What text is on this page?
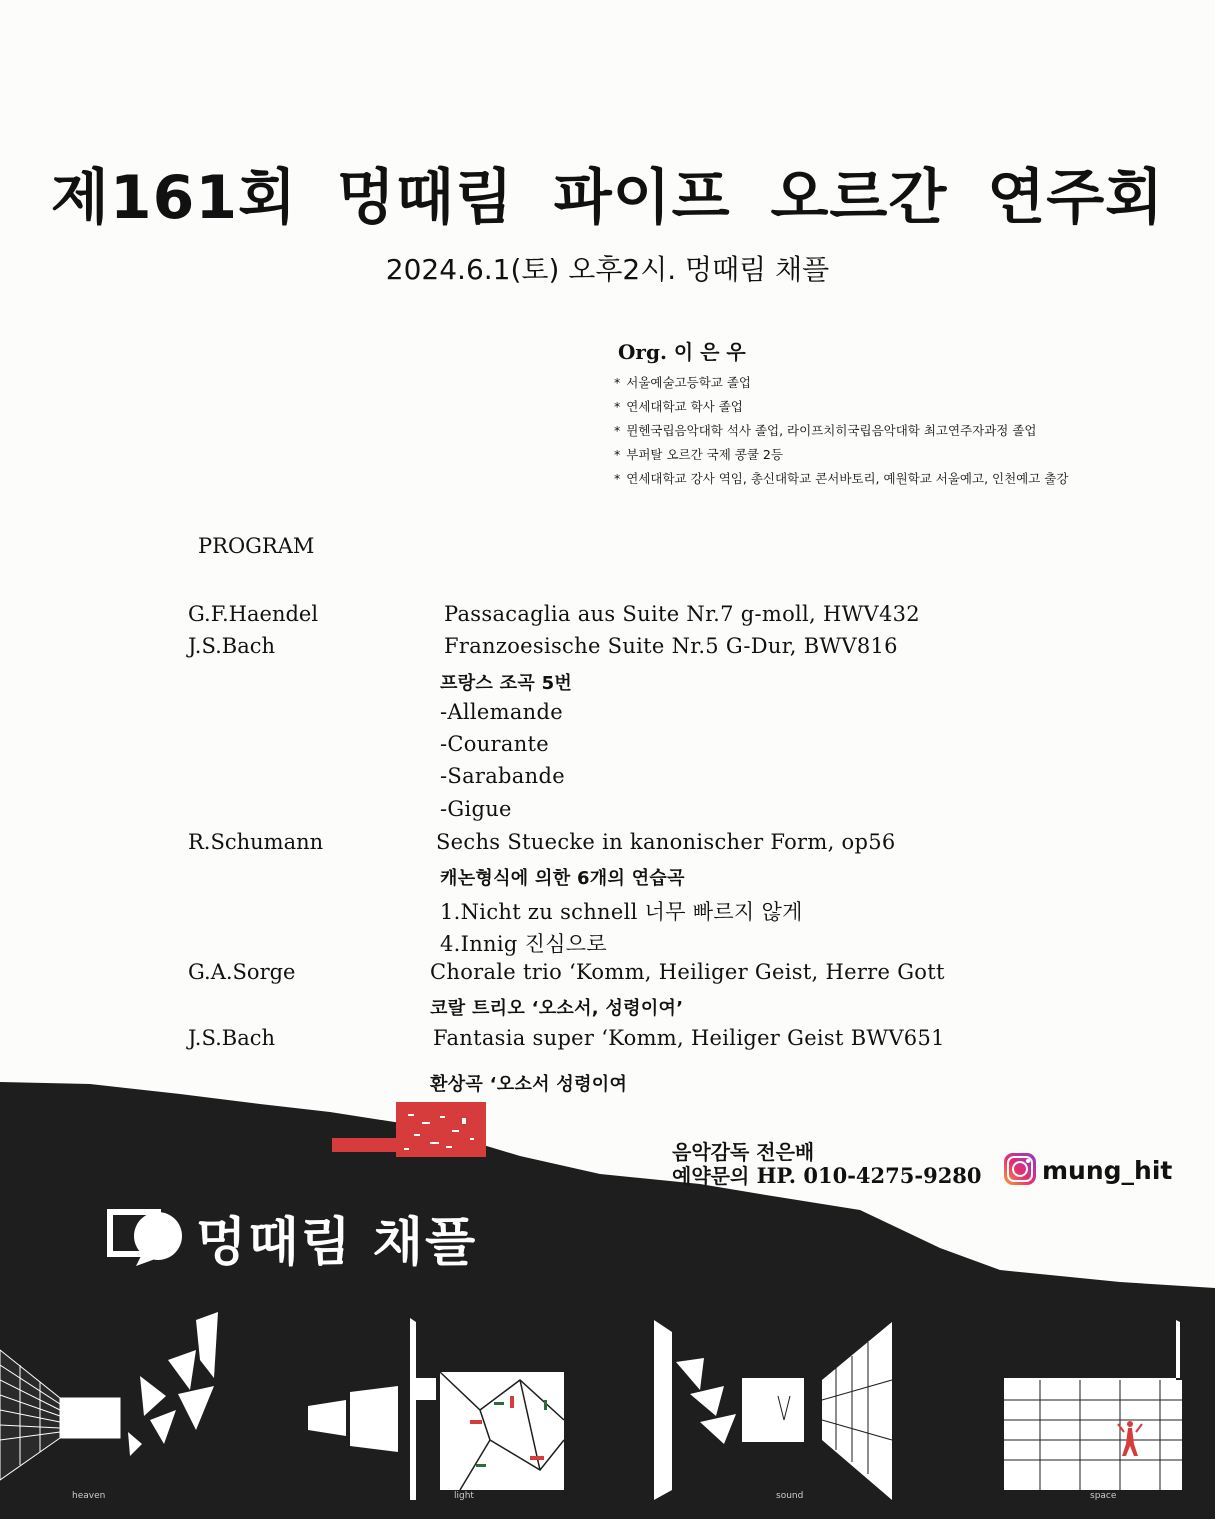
제161회 멍때림 파이프 오르간 연주회
2024.6.1(토) 오후2시. 멍때림 채플
Org. 이 은 우
* 서울예술고등학교 졸업
* 연세대학교 학사 졸업
* 뮌헨국립음악대학 석사 졸업, 라이프치히국립음악대학 최고연주자과정 졸업
* 부퍼탈 오르간 국제 콩쿨 2등
* 연세대학교 강사 역임, 총신대학교 콘서바토리, 예원학교 서울예고, 인천예고 출강
PROGRAM
G.F.Haendel	Passacaglia aus Suite Nr.7 g-moll, HWV432
J.S.Bach	Franzoesische Suite Nr.5 G-Dur, BWV816
프랑스 조곡 5번
-Allemande
-Courante
-Sarabande
-Gigue
R.Schumann	Sechs Stuecke in kanonischer Form, op56
캐논형식에 의한 6개의 연습곡
1.Nicht zu schnell 너무 빠르지 않게
4.Innig 진심으로
G.A.Sorge	Chorale trio ‘Komm, Heiliger Geist, Herre Gott
코랄 트리오 ‘오소서, 성령이여’
J.S.Bach	Fantasia super ‘Komm, Heiliger Geist BWV651
heaven	light	sound	space
환상곡 ‘오소서 성령이여
음악감독 전은배
예약문의 HP. 010-4275-9280 mung_hit
멍때림 채플
